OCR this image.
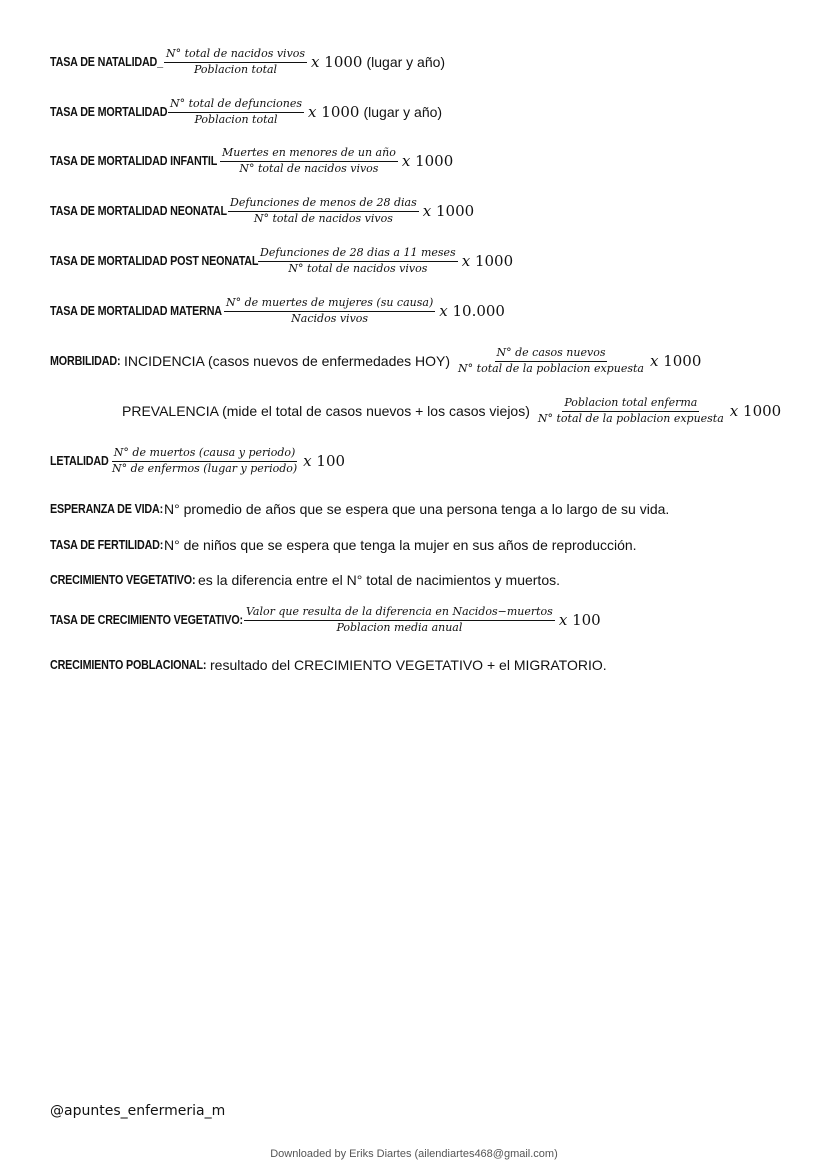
TASA DE NATALIDAD_ $\frac{\text{N° total de nacidos vivos}}{\text{Poblacion total}}$ x 1000 (lugar y año)
TASA DE MORTALIDAD $\frac{\text{N° total de defunciones}}{\text{Poblacion total}}$ x 1000 (lugar y año)
TASA DE MORTALIDAD INFANTIL $\frac{\text{Muertes en menores de un año}}{\text{N° total de nacidos vivos}}$ x 1000
TASA DE MORTALIDAD NEONATAL $\frac{\text{Defunciones de menos de 28 dias}}{\text{N° total de nacidos vivos}}$ x 1000
TASA DE MORTALIDAD POST NEONATAL $\frac{\text{Defunciones de 28 dias a 11 meses}}{\text{N° total de nacidos vivos}}$ x 1000
TASA DE MORTALIDAD MATERNA $\frac{\text{N° de muertes de mujeres (su causa)}}{\text{Nacidos vivos}}$ x 10.000
MORBILIDAD: INCIDENCIA (casos nuevos de enfermedades $HOY) \frac{\text{N° de casos nuevos}}{\text{N° total de la poblacion expuesta}}$ x 1000
PREVALENCIA (mide el total de casos nuevos + los casos viejos) $\frac{\text{Poblacion total enferma}}{\text{N° total de la poblacion expuesta}}$ x 1000
LETALIDAD $\frac{\text{N° de muertos (causa y periodo)}}{\text{N° de enfermos (lugar y periodo)}}$ x 100
ESPERANZA DE VIDA: N° promedio de años que se espera que una persona tenga a lo largo de su vida.
TASA DE FERTILIDAD: N° de niños que se espera que tenga la mujer en sus años de reproducción.
CRECIMIENTO VEGETATIVO: es la diferencia entre el N° total de nacimientos y muertos.
TASA DE CRECIMIENTO VEGETATIVO: $\frac{\text{Valor que resulta de la diferencia en Nacidos−muertos}}{\text{Poblacion media anual}}$ x 100
CRECIMIENTO POBLACIONAL: resultado del CRECIMIENTO VEGETATIVO + el MIGRATORIO.
@apuntes_enfermeria_m
Downloaded by Eriks Diartes (ailendiartes468@gmail.com)
